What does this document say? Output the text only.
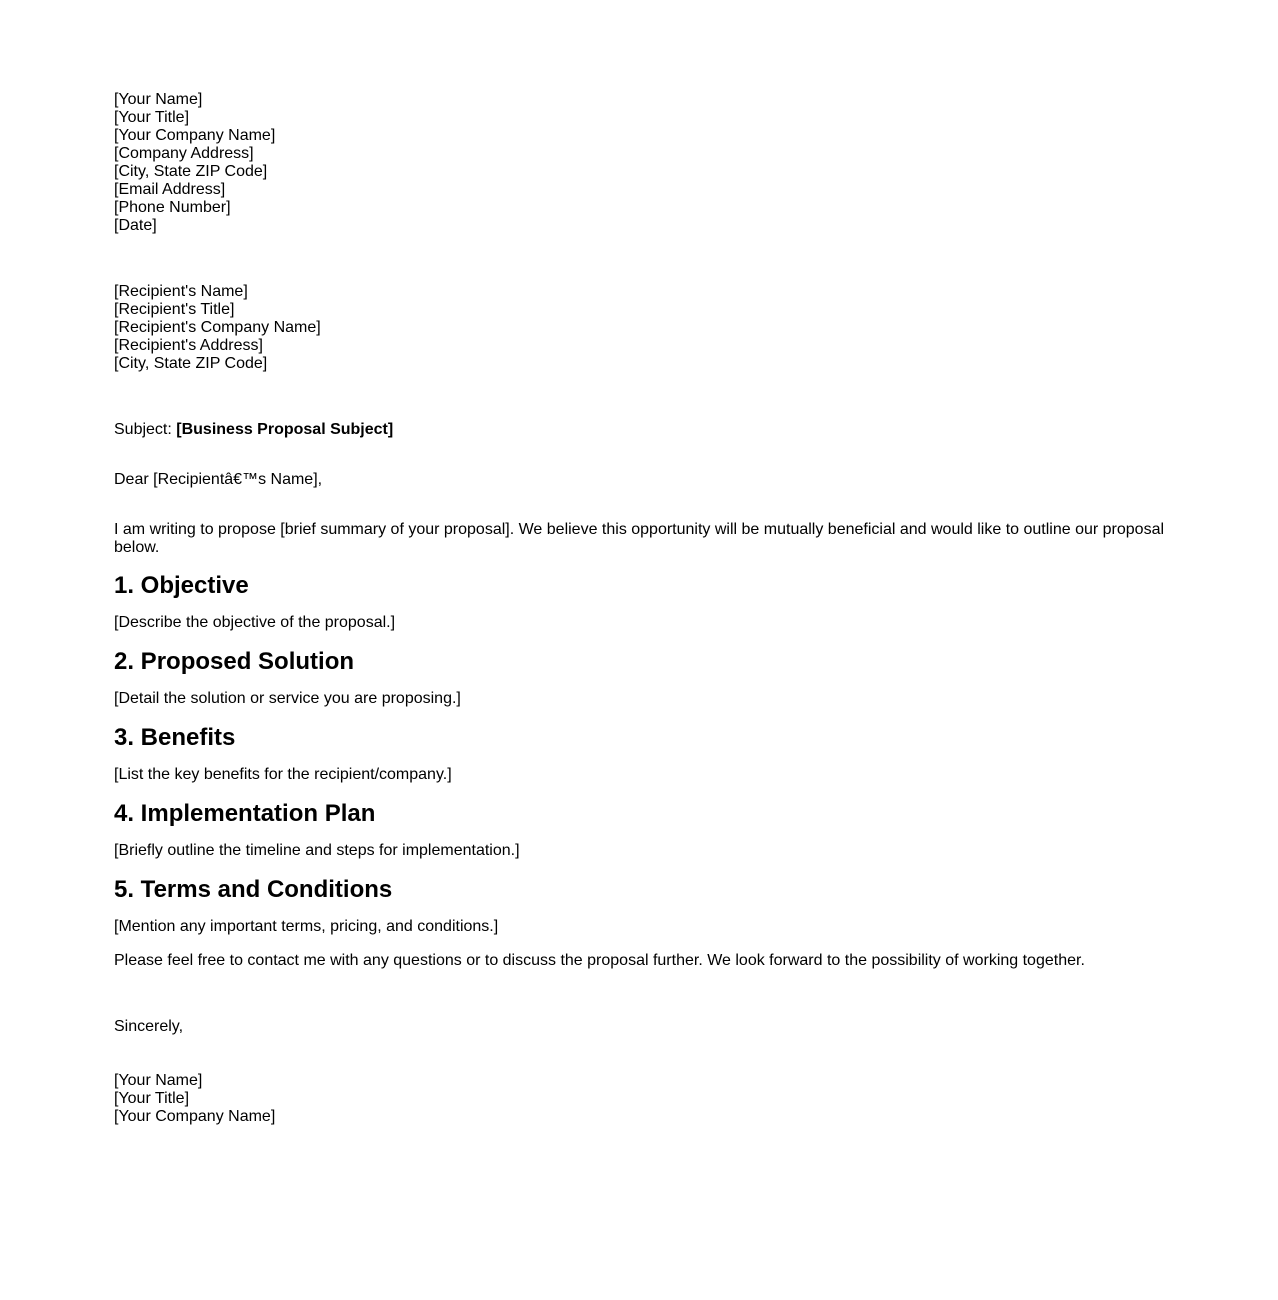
[Your Name]
[Your Title]
[Your Company Name]
[Company Address]
[City, State ZIP Code]
[Email Address]
[Phone Number]
[Date]
[Recipient's Name]
[Recipient's Title]
[Recipient's Company Name]
[Recipient's Address]
[City, State ZIP Code]

Subject: [Business Proposal Subject]

Dear [Recipientâ€™s Name],

I am writing to propose [brief summary of your proposal]. We believe this opportunity will be mutually beneficial and would like to outline our proposal below.

1. Objective

[Describe the objective of the proposal.]

2. Proposed Solution

[Detail the solution or service you are proposing.]

3. Benefits

[List the key benefits for the recipient/company.]

4. Implementation Plan

[Briefly outline the timeline and steps for implementation.]

5. Terms and Conditions

[Mention any important terms, pricing, and conditions.]

Please feel free to contact me with any questions or to discuss the proposal further. We look forward to the possibility of working together.

Sincerely,

[Your Name]
[Your Title]
[Your Company Name]
